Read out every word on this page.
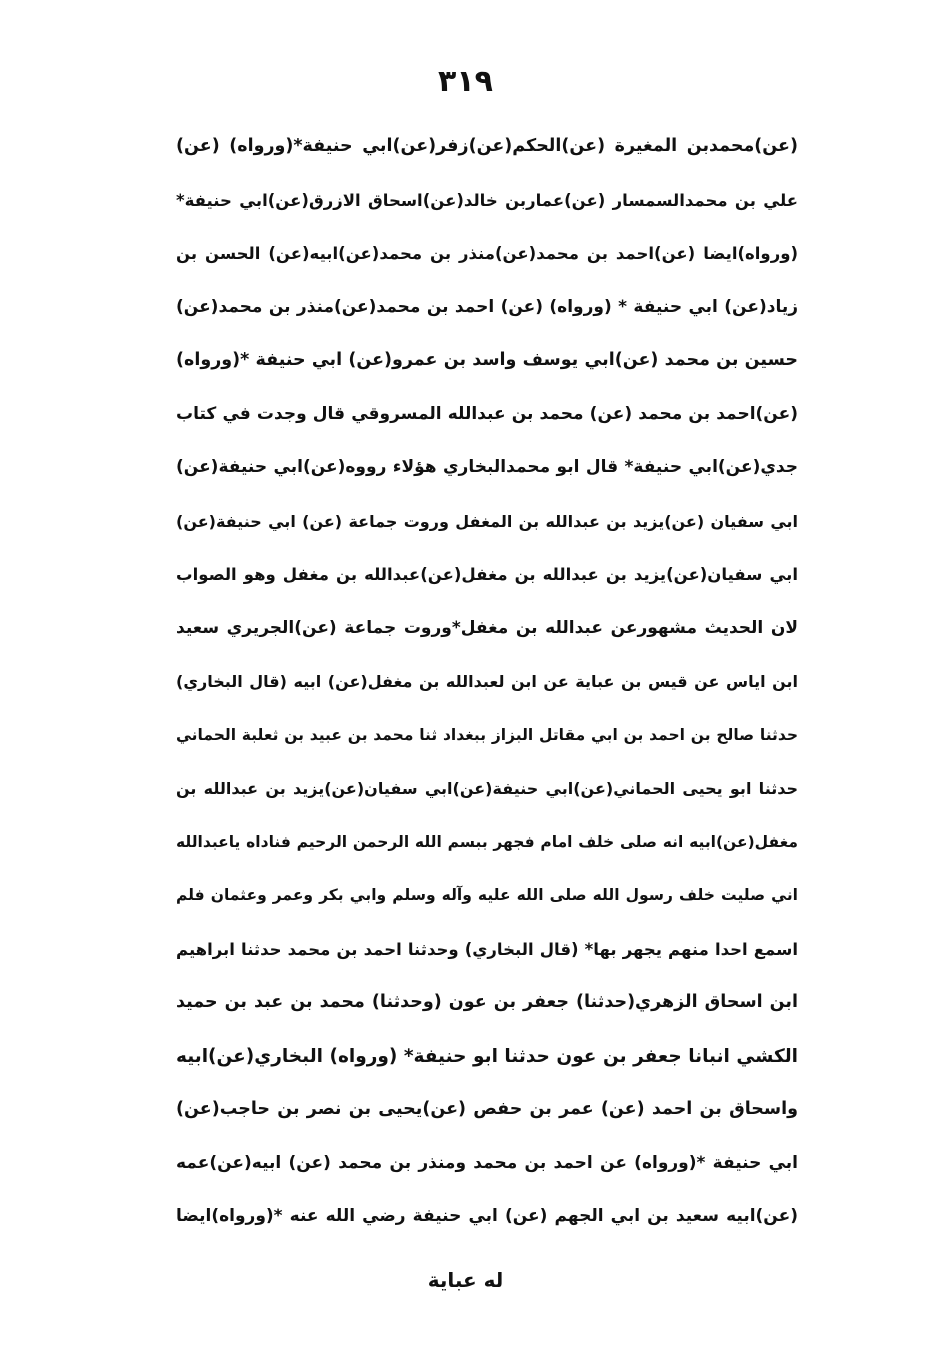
٣١٩
(عن)محمدبن المغيرة (عن)الحكم(عن)زفر(عن)ابي حنيفة*(ورواه) (عن)
علي بن محمدالسمسار (عن)عماربن خالد(عن)اسحاق الازرق(عن)ابي حنيفة*
(ورواه)ايضا (عن)احمد بن محمد(عن)منذر بن محمد(عن)ابيه(عن) الحسن بن
زياد(عن) ابي حنيفة * (ورواه) (عن) احمد بن محمد(عن)منذر بن محمد(عن)
حسين بن محمد (عن)ابي يوسف واسد بن عمرو(عن) ابي حنيفة *(ورواه)
(عن)احمد بن محمد (عن) محمد بن عبدالله المسروقي قال وجدت في كتاب
جدي(عن)ابي حنيفة* قال ابو محمدالبخاري هؤلاء رووه(عن)ابي حنيفة(عن)
ابي سفيان (عن)يزيد بن عبدالله بن المغفل وروت جماعة (عن) ابي حنيفة(عن)
ابي سفيان(عن)يزيد بن عبدالله بن مغفل(عن)عبدالله بن مغفل وهو الصواب
لان الحديث مشهورعن عبدالله بن مغفل*وروت جماعة (عن)الجريري سعيد
ابن اياس عن قيس بن عباية عن ابن لعبدالله بن مغفل(عن) ابيه (قال البخاري)
حدثنا صالح بن احمد بن ابي مقاتل البزاز ببغداد ثنا محمد بن عبيد بن ثعلبة الحماني
حدثنا ابو يحيى الحماني(عن)ابي حنيفة(عن)ابي سفيان(عن)يزيد بن عبدالله بن
مغفل(عن)ابيه انه صلى خلف امام فجهر ببسم الله الرحمن الرحيم فناداه ياعبدالله
اني صليت خلف رسول الله صلى الله عليه وآله وسلم وابي بكر وعمر وعثمان فلم
اسمع احدا منهم يجهر بها* (قال البخاري) وحدثنا احمد بن محمد حدثنا ابراهيم
ابن اسحاق الزهري(حدثنا) جعفر بن عون (وحدثنا) محمد بن عبد بن حميد
الكشي انبانا جعفر بن عون حدثنا ابو حنيفة* (ورواه) البخاري(عن)ابيه
واسحاق بن احمد (عن) عمر بن حفص (عن)يحيى بن نصر بن حاجب(عن)
ابي حنيفة *(ورواه) عن احمد بن محمد ومنذر بن محمد (عن) ابيه(عن)عمه
(عن)ابيه سعيد بن ابي الجهم (عن) ابي حنيفة رضي الله عنه *(ورواه)ايضا
له عباية
